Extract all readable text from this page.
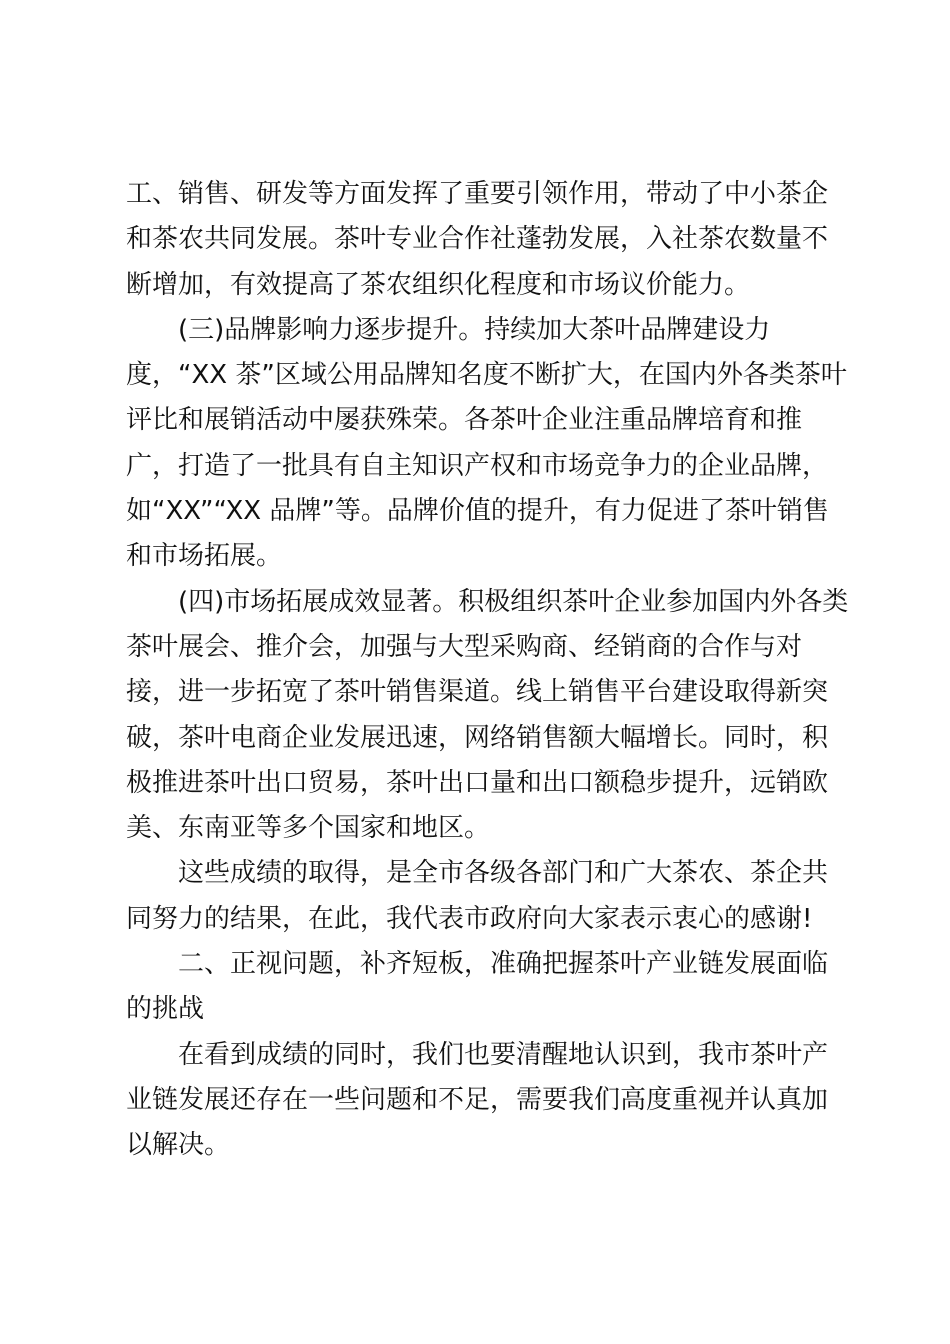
工、销售、研发等方面发挥了重要引领作用，带动了中小茶企
和茶农共同发展。茶叶专业合作社蓬勃发展，入社茶农数量不
断增加，有效提高了茶农组织化程度和市场议价能力。
(三)品牌影响力逐步提升。持续加大茶叶品牌建设力
度，“XX 茶”区域公用品牌知名度不断扩大，在国内外各类茶叶
评比和展销活动中屡获殊荣。各茶叶企业注重品牌培育和推
广，打造了一批具有自主知识产权和市场竞争力的企业品牌，
如“XX”“XX 品牌”等。品牌价值的提升，有力促进了茶叶销售
和市场拓展。
(四)市场拓展成效显著。积极组织茶叶企业参加国内外各类
茶叶展会、推介会，加强与大型采购商、经销商的合作与对
接，进一步拓宽了茶叶销售渠道。线上销售平台建设取得新突
破，茶叶电商企业发展迅速，网络销售额大幅增长。同时，积
极推进茶叶出口贸易，茶叶出口量和出口额稳步提升，远销欧
美、东南亚等多个国家和地区。
这些成绩的取得，是全市各级各部门和广大茶农、茶企共
同努力的结果，在此，我代表市政府向大家表示衷心的感谢!
二、正视问题，补齐短板，准确把握茶叶产业链发展面临
的挑战
在看到成绩的同时，我们也要清醒地认识到，我市茶叶产
业链发展还存在一些问题和不足，需要我们高度重视并认真加
以解决。
